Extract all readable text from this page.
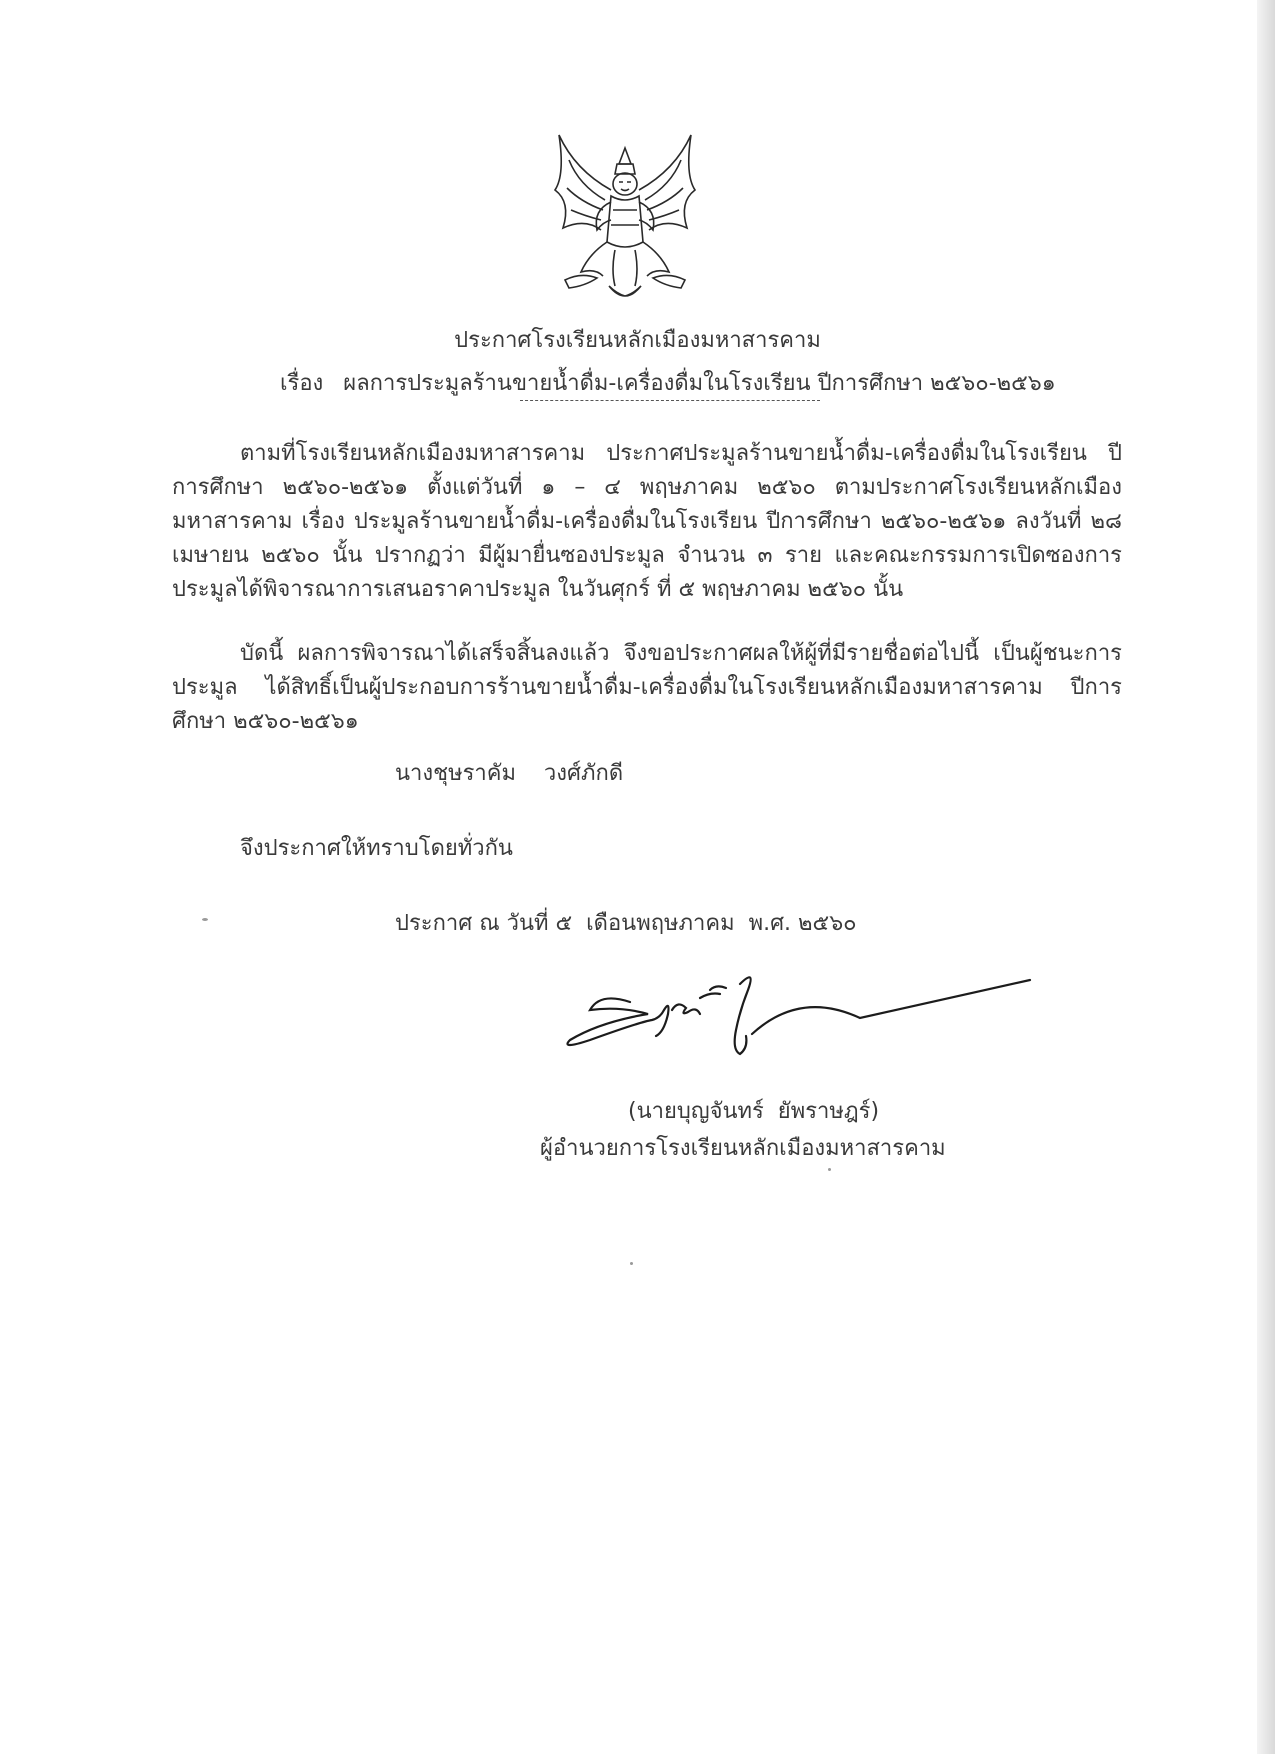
ประกาศโรงเรียนหลักเมืองมหาสารคาม
เรื่อง ผลการประมูลร้านขายน้ำดื่ม-เครื่องดื่มในโรงเรียน ปีการศึกษา ๒๕๖๐-๒๕๖๑

ตามที่โรงเรียนหลักเมืองมหาสารคาม ประกาศประมูลร้านขายน้ำดื่ม-เครื่องดื่มในโรงเรียน ปีการศึกษา ๒๕๖๐-๒๕๖๑ ตั้งแต่วันที่ ๑ – ๔ พฤษภาคม ๒๕๖๐ ตามประกาศโรงเรียนหลักเมืองมหาสารคาม เรื่อง ประมูลร้านขายน้ำดื่ม-เครื่องดื่มในโรงเรียน ปีการศึกษา ๒๕๖๐-๒๕๖๑ ลงวันที่ ๒๘ เมษายน ๒๕๖๐ นั้น ปรากฏว่า มีผู้มายื่นซองประมูล จำนวน ๓ ราย และคณะกรรมการเปิดซองการประมูลได้พิจารณาการเสนอราคาประมูล ในวันศุกร์ ที่ ๕ พฤษภาคม ๒๕๖๐ นั้น

บัดนี้ ผลการพิจารณาได้เสร็จสิ้นลงแล้ว จึงขอประกาศผลให้ผู้ที่มีรายชื่อต่อไปนี้ เป็นผู้ชนะการประมูล ได้สิทธิ์เป็นผู้ประกอบการร้านขายน้ำดื่ม-เครื่องดื่มในโรงเรียนหลักเมืองมหาสารคาม ปีการศึกษา ๒๕๖๐-๒๕๖๑

นางชุษราคัม    วงศ์ภักดี
จึงประกาศให้ทราบโดยทั่วกัน
ประกาศ ณ วันที่ ๕  เดือนพฤษภาคม  พ.ศ. ๒๕๖๐
(นายบุญจันทร์  ยัพราษฎร์)
ผู้อำนวยการโรงเรียนหลักเมืองมหาสารคาม
